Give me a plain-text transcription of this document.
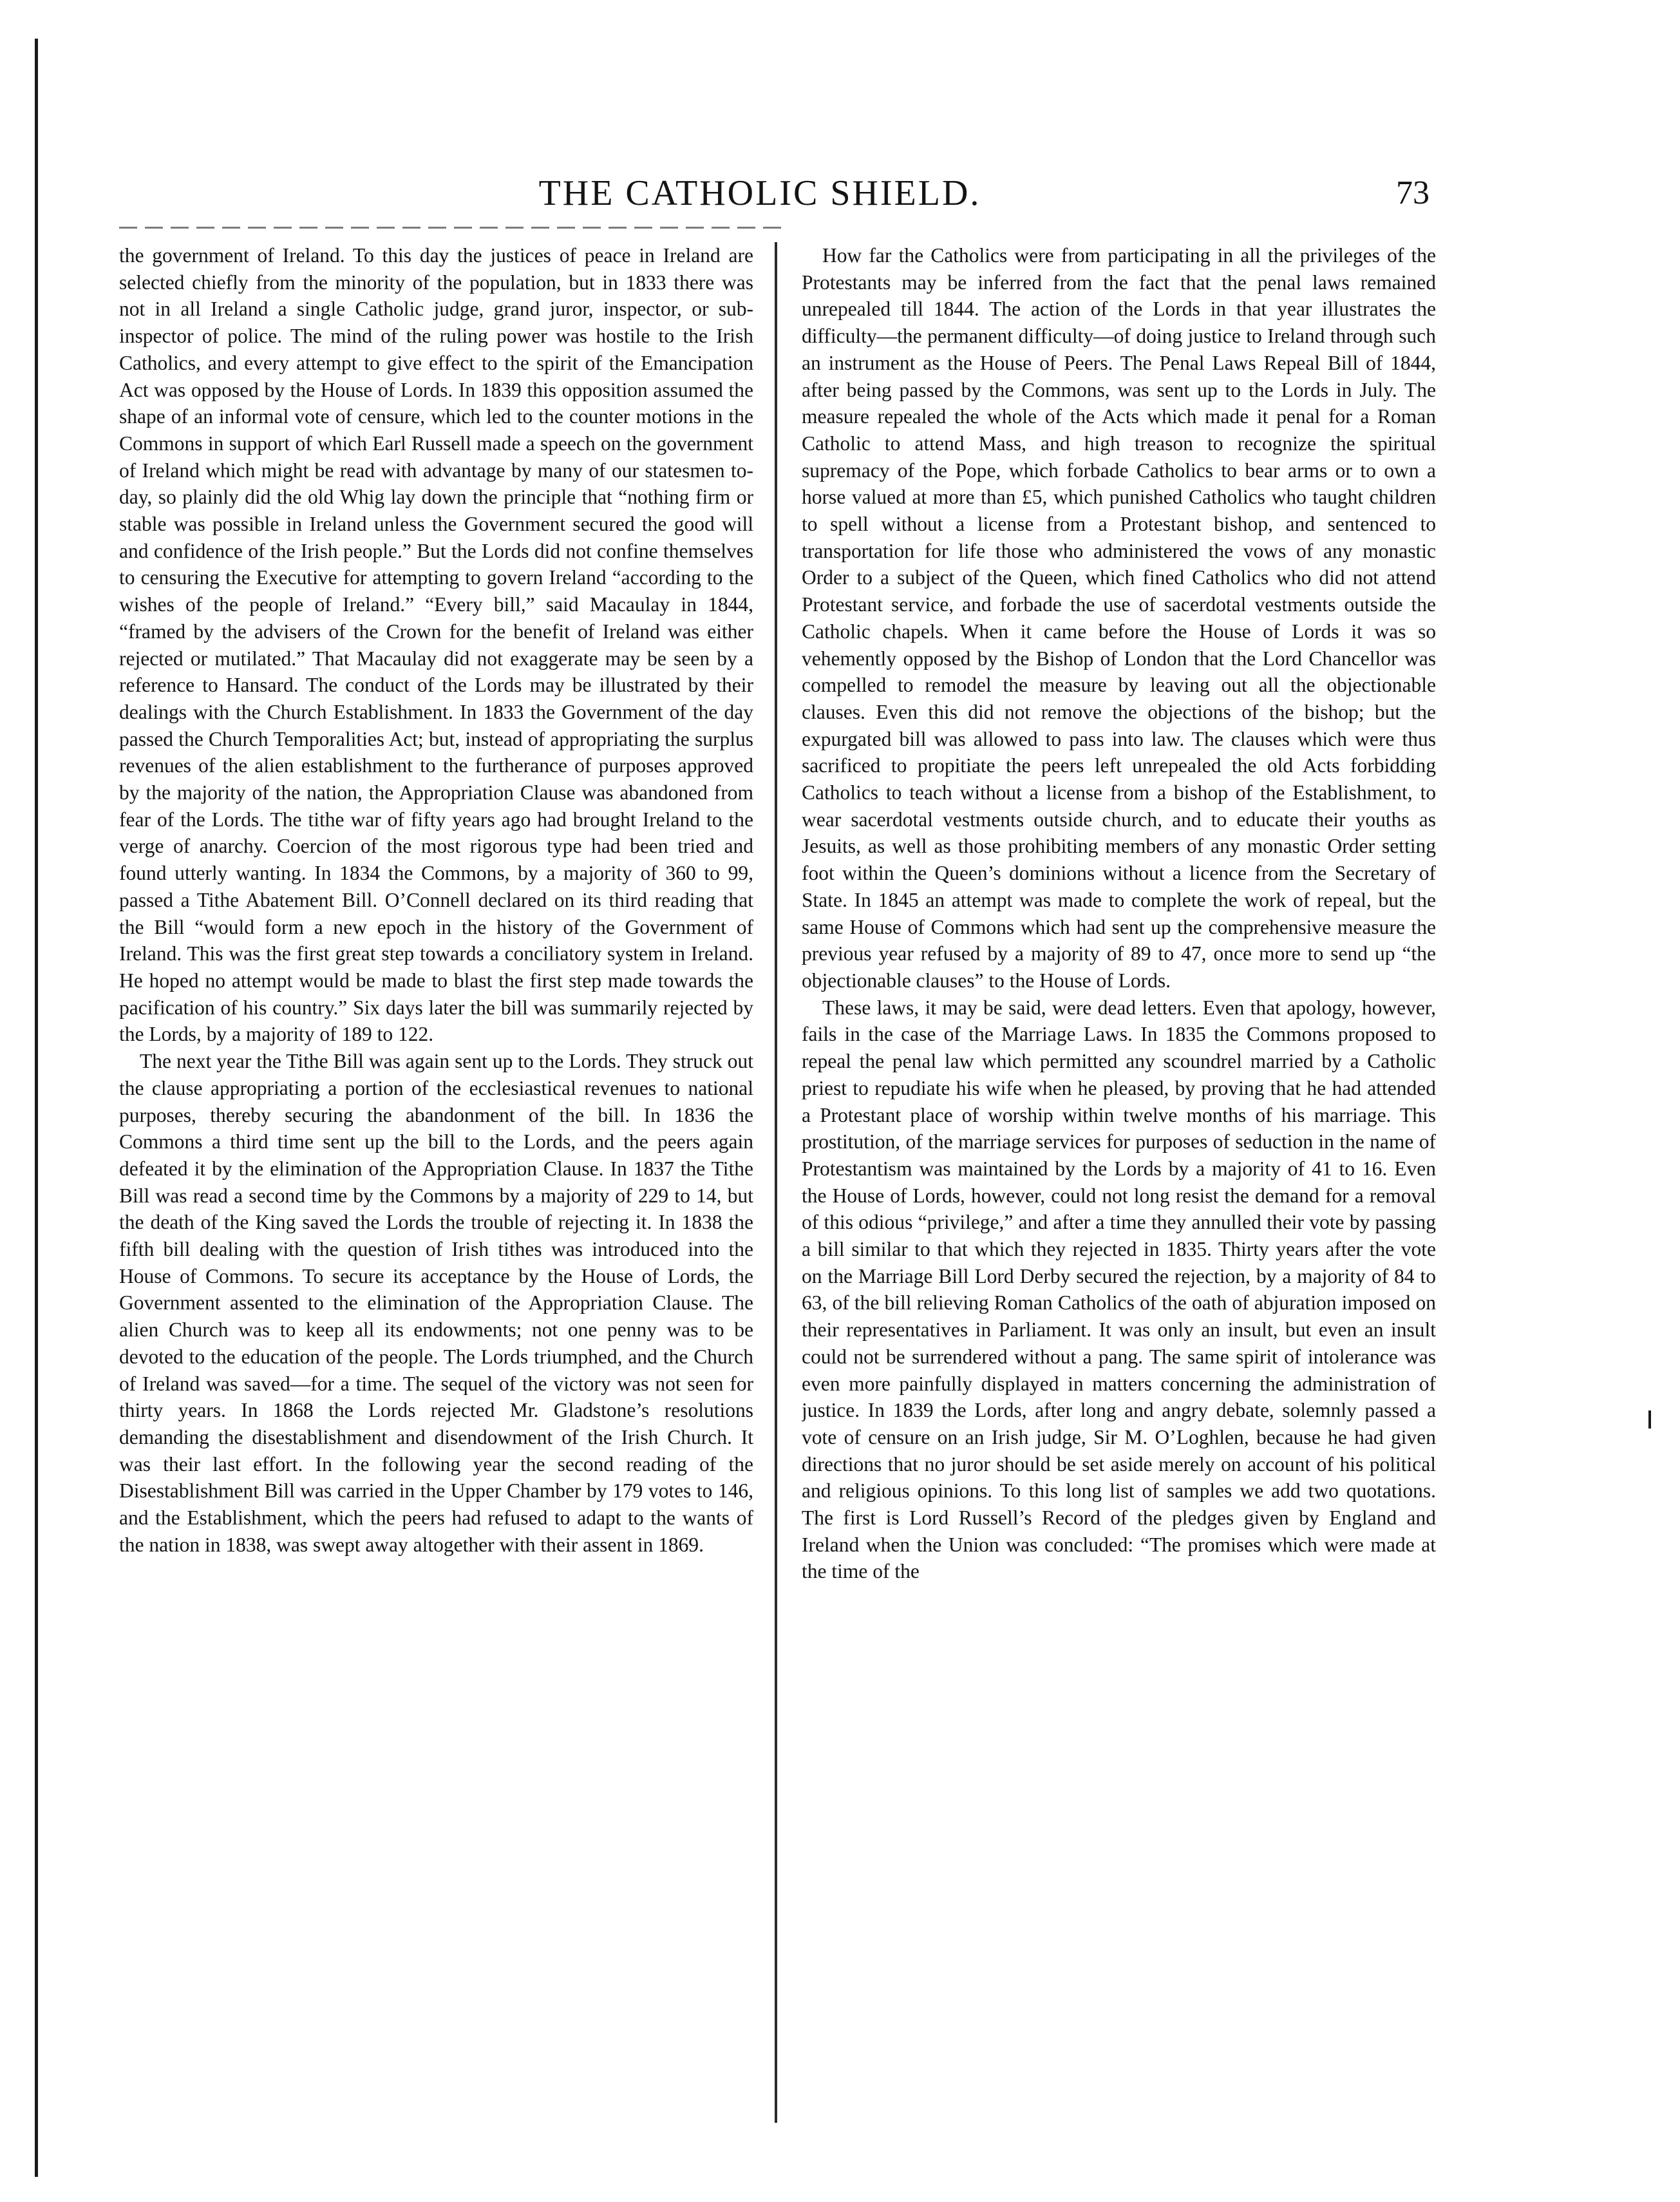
THE CATHOLIC SHIELD.	73

the government of Ireland. To this day the justices of peace in Ireland are selected chiefly from the minority of the population, but in 1833 there was not in all Ireland a single Catholic judge, grand juror, inspector, or sub-inspector of police. The mind of the ruling power was hostile to the Irish Catholics, and every attempt to give effect to the spirit of the Emancipation Act was opposed by the House of Lords. In 1839 this opposition assumed the shape of an informal vote of censure, which led to the counter motions in the Commons in support of which Earl Russell made a speech on the government of Ireland which might be read with advantage by many of our statesmen to-day, so plainly did the old Whig lay down the principle that “nothing firm or stable was possible in Ireland unless the Government secured the good will and confidence of the Irish people.” But the Lords did not confine themselves to censuring the Executive for attempting to govern Ireland “according to the wishes of the people of Ireland.” “Every bill,” said Macaulay in 1844, “framed by the advisers of the Crown for the benefit of Ireland was either rejected or mutilated.” That Macaulay did not exaggerate may be seen by a reference to Hansard. The conduct of the Lords may be illustrated by their dealings with the Church Establishment. In 1833 the Government of the day passed the Church Temporalities Act; but, instead of appropriating the surplus revenues of the alien establishment to the furtherance of purposes approved by the majority of the nation, the Appropriation Clause was abandoned from fear of the Lords. The tithe war of fifty years ago had brought Ireland to the verge of anarchy. Coercion of the most rigorous type had been tried and found utterly wanting. In 1834 the Commons, by a majority of 360 to 99, passed a Tithe Abatement Bill. O’Connell declared on its third reading that the Bill “would form a new epoch in the history of the Government of Ireland. This was the first great step towards a conciliatory system in Ireland. He hoped no attempt would be made to blast the first step made towards the pacification of his country.” Six days later the bill was summarily rejected by the Lords, by a majority of 189 to 122.

The next year the Tithe Bill was again sent up to the Lords. They struck out the clause appropriating a portion of the ecclesiastical revenues to national purposes, thereby securing the abandonment of the bill. In 1836 the Commons a third time sent up the bill to the Lords, and the peers again defeated it by the elimination of the Appropriation Clause. In 1837 the Tithe Bill was read a second time by the Commons by a majority of 229 to 14, but the death of the King saved the Lords the trouble of rejecting it. In 1838 the fifth bill dealing with the question of Irish tithes was introduced into the House of Commons. To secure its acceptance by the House of Lords, the Government assented to the elimination of the Appropriation Clause. The alien Church was to keep all its endowments; not one penny was to be devoted to the education of the people. The Lords triumphed, and the Church of Ireland was saved—for a time. The sequel of the victory was not seen for thirty years. In 1868 the Lords rejected Mr. Gladstone’s resolutions demanding the disestablishment and disendowment of the Irish Church. It was their last effort. In the following year the second reading of the Disestablishment Bill was carried in the Upper Chamber by 179 votes to 146, and the Establishment, which the peers had refused to adapt to the wants of the nation in 1838, was swept away altogether with their assent in 1869.

How far the Catholics were from participating in all the privileges of the Protestants may be inferred from the fact that the penal laws remained unrepealed till 1844. The action of the Lords in that year illustrates the difficulty—the permanent difficulty—of doing justice to Ireland through such an instrument as the House of Peers. The Penal Laws Repeal Bill of 1844, after being passed by the Commons, was sent up to the Lords in July. The measure repealed the whole of the Acts which made it penal for a Roman Catholic to attend Mass, and high treason to recognize the spiritual supremacy of the Pope, which forbade Catholics to bear arms or to own a horse valued at more than £5, which punished Catholics who taught children to spell without a license from a Protestant bishop, and sentenced to transportation for life those who administered the vows of any monastic Order to a subject of the Queen, which fined Catholics who did not attend Protestant service, and forbade the use of sacerdotal vestments outside the Catholic chapels. When it came before the House of Lords it was so vehemently opposed by the Bishop of London that the Lord Chancellor was compelled to remodel the measure by leaving out all the objectionable clauses. Even this did not remove the objections of the bishop; but the expurgated bill was allowed to pass into law. The clauses which were thus sacrificed to propitiate the peers left unrepealed the old Acts forbidding Catholics to teach without a license from a bishop of the Establishment, to wear sacerdotal vestments outside church, and to educate their youths as Jesuits, as well as those prohibiting members of any monastic Order setting foot within the Queen’s dominions without a licence from the Secretary of State. In 1845 an attempt was made to complete the work of repeal, but the same House of Commons which had sent up the comprehensive measure the previous year refused by a majority of 89 to 47, once more to send up “the objectionable clauses” to the House of Lords.

These laws, it may be said, were dead letters. Even that apology, however, fails in the case of the Marriage Laws. In 1835 the Commons proposed to repeal the penal law which permitted any scoundrel married by a Catholic priest to repudiate his wife when he pleased, by proving that he had attended a Protestant place of worship within twelve months of his marriage. This prostitution, of the marriage services for purposes of seduction in the name of Protestantism was maintained by the Lords by a majority of 41 to 16. Even the House of Lords, however, could not long resist the demand for a removal of this odious “privilege,” and after a time they annulled their vote by passing a bill similar to that which they rejected in 1835. Thirty years after the vote on the Marriage Bill Lord Derby secured the rejection, by a majority of 84 to 63, of the bill relieving Roman Catholics of the oath of abjuration imposed on their representatives in Parliament. It was only an insult, but even an insult could not be surrendered without a pang. The same spirit of intolerance was even more painfully displayed in matters concerning the administration of justice. In 1839 the Lords, after long and angry debate, solemnly passed a vote of censure on an Irish judge, Sir M. O’Loghlen, because he had given directions that no juror should be set aside merely on account of his political and religious opinions. To this long list of samples we add two quotations. The first is Lord Russell’s Record of the pledges given by England and Ireland when the Union was concluded: “The promises which were made at the time of the
